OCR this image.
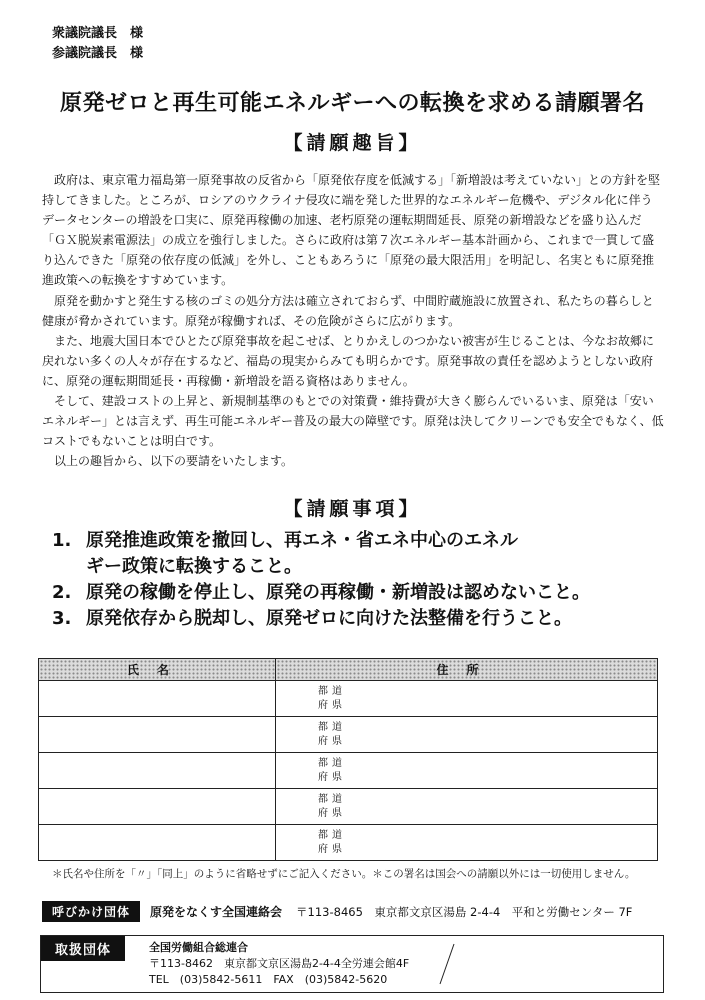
衆議院議長　様
参議院議長　様
原発ゼロと再生可能エネルギーへの転換を求める請願署名
【請願趣旨】

政府は、東京電力福島第一原発事故の反省から「原発依存度を低減する」「新増設は考えていない」との方針を堅持してきました。ところが、ロシアのウクライナ侵攻に端を発した世界的なエネルギー危機や、デジタル化に伴うデータセンターの増設を口実に、原発再稼働の加速、老朽原発の運転期間延長、原発の新増設などを盛り込んだ「ＧＸ脱炭素電源法」の成立を強行しました。さらに政府は第７次エネルギー基本計画から、これまで一貫して盛り込んできた「原発の依存度の低減」を外し、こともあろうに「原発の最大限活用」を明記し、名実ともに原発推進政策への転換をすすめています。

原発を動かすと発生する核のゴミの処分方法は確立されておらず、中間貯蔵施設に放置され、私たちの暮らしと健康が脅かされています。原発が稼働すれば、その危険がさらに広がります。

また、地震大国日本でひとたび原発事故を起こせば、とりかえしのつかない被害が生じることは、今なお故郷に戻れない多くの人々が存在するなど、福島の現実からみても明らかです。原発事故の責任を認めようとしない政府に、原発の運転期間延長・再稼働・新増設を語る資格はありません。

そして、建設コストの上昇と、新規制基準のもとでの対策費・維持費が大きく膨らんでいるいま、原発は「安いエネルギー」とは言えず、再生可能エネルギー普及の最大の障壁です。原発は決してクリーンでも安全でもなく、低コストでもないことは明白です。

以上の趣旨から、以下の要請をいたします。

【請願事項】
1. 原発推進政策を撤回し、再エネ・省エネ中心のエネルギー政策に転換すること。
2. 原発の稼働を停止し、原発の再稼働・新増設は認めないこと。
3. 原発依存から脱却し、原発ゼロに向けた法整備を行うこと。
氏名	住所

	都道
府県

	都道
府県

	都道
府県

	都道
府県

	都道
府県
＊氏名や住所を「〃」「同上」のように省略せずにご記入ください。＊この署名は国会への請願以外には一切使用しません。
呼びかけ団体	原発をなくす全国連絡会 〒113-8465　東京都文京区湯島 2-4-4　平和と労働センター 7F
取扱団体	全国労働組合総連合
〒113-8462　東京都文京区湯島2-4-4全労連会館4F
TEL　(03)5842-5611　FAX　(03)5842-5620
